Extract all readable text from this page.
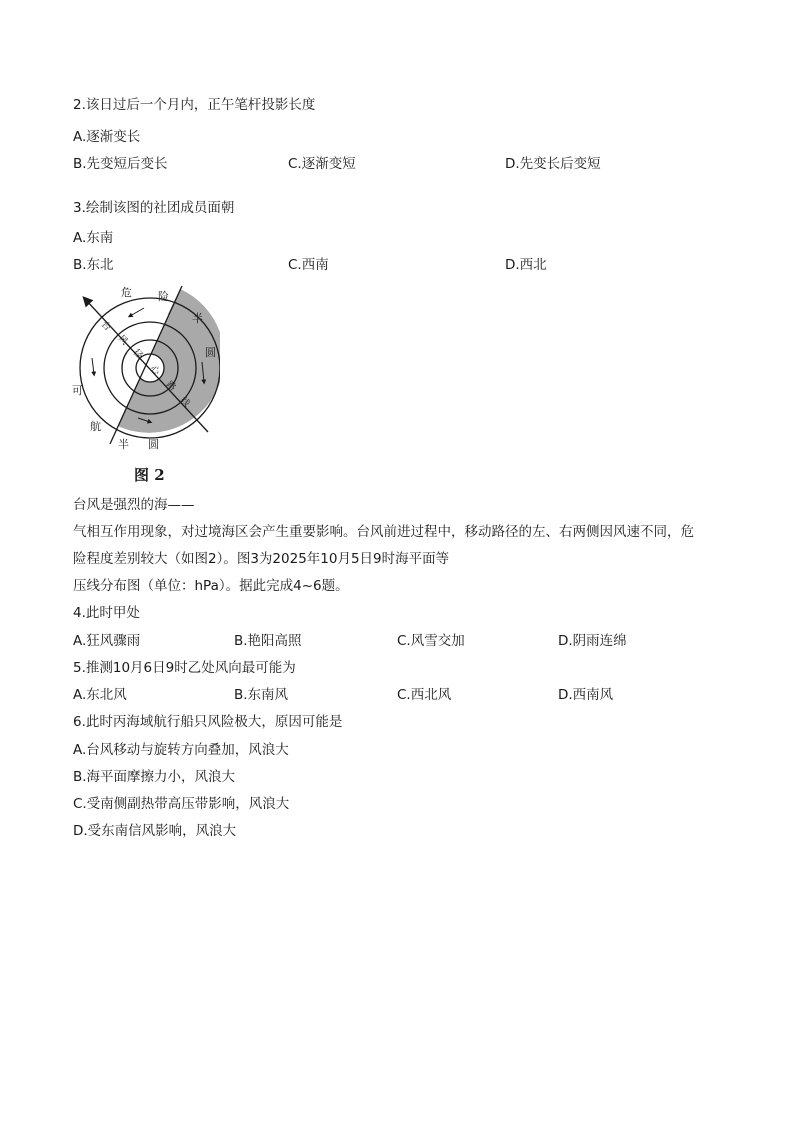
2.该日过后一个月内，正午笔杆投影长度
A.逐渐变长
B.先变短后变长	C.逐渐变短	D.先变长后变短
3.绘制该图的社团成员面朝
A.东南
B.东北	C.西南	D.西北
危 险
半
圆
可
航
半 圆
台
风
径
心
路
线
图 2
台风是强烈的海——
气相互作用现象，对过境海区会产生重要影响。台风前进过程中，移动路径的左、右两侧因风速不同，危
险程度差别较大（如图2）。图3为2025年10月5日9时海平面等
压线分布图（单位：hPa）。据此完成4~6题。
4.此时甲处
A.狂风骤雨	B.艳阳高照	C.风雪交加	D.阴雨连绵
5.推测10月6日9时乙处风向最可能为
A.东北风	B.东南风	C.西北风	D.西南风
6.此时丙海域航行船只风险极大，原因可能是
A.台风移动与旋转方向叠加，风浪大
B.海平面摩擦力小，风浪大
C.受南侧副热带高压带影响，风浪大
D.受东南信风影响，风浪大
